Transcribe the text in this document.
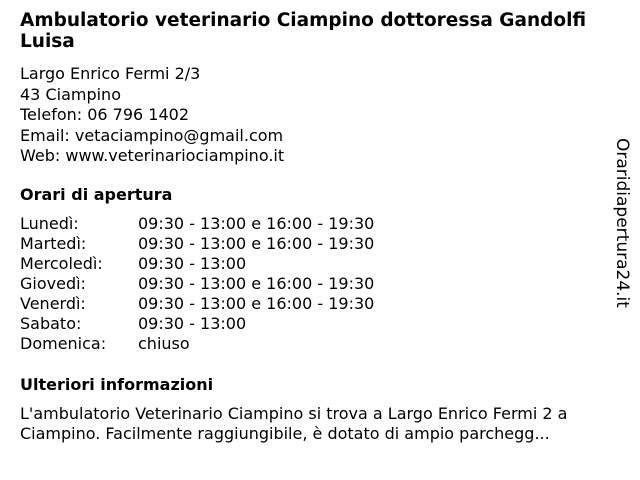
Ambulatorio veterinario Ciampino dottoressa Gandolfi Luisa
Largo Enrico Fermi 2/3
43 Ciampino
Telefon: 06 796 1402
Email: vetaciampino@gmail.com
Web: www.veterinariociampino.it
Orari di apertura
Lunedì:	09:30 - 13:00 e 16:00 - 19:30
Martedì:	09:30 - 13:00 e 16:00 - 19:30
Mercoledì: 09:30 - 13:00
Giovedì:	09:30 - 13:00 e 16:00 - 19:30
Venerdì:	09:30 - 13:00 e 16:00 - 19:30
Sabato:	09:30 - 13:00
Domenica: chiuso
Ulteriori informazioni
L'ambulatorio Veterinario Ciampino si trova a Largo Enrico Fermi 2 a Ciampino. Facilmente raggiungibile, è dotato di ampio parchegg...
Oraridiapertura24.it
